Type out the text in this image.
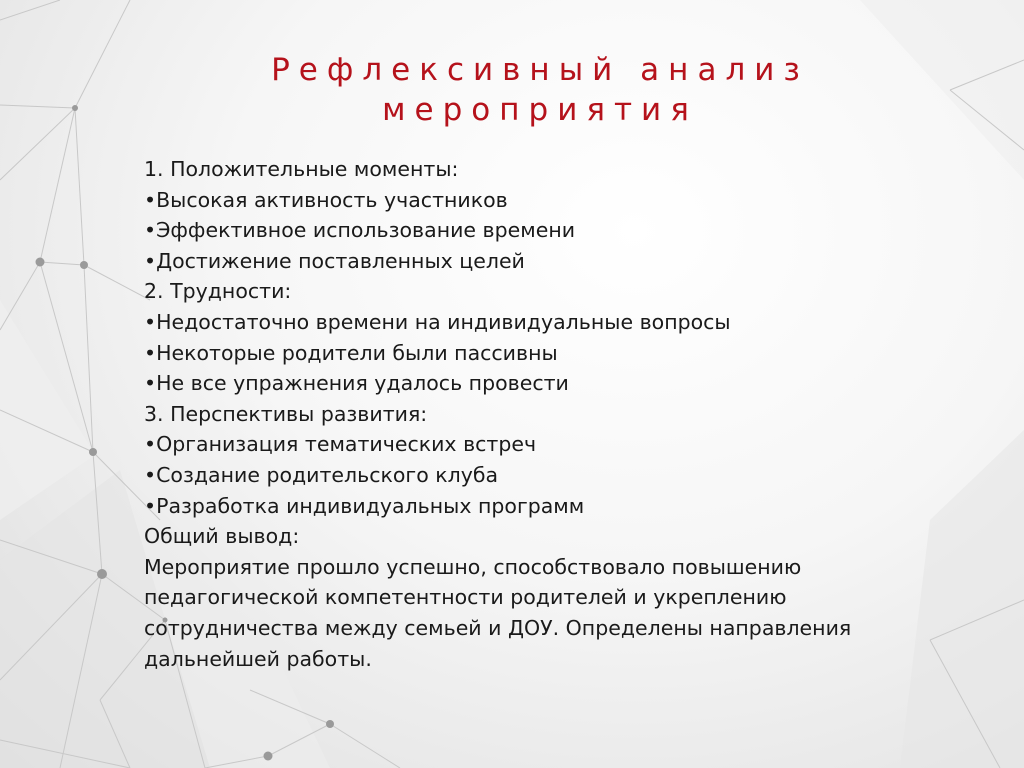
Рефлексивный анализ
мероприятия
1. Положительные моменты:
• Высокая активность участников
• Эффективное использование времени
• Достижение поставленных целей
2. Трудности:
• Недостаточно времени на индивидуальные вопросы
• Некоторые родители были пассивны
• Не все упражнения удалось провести
3. Перспективы развития:
• Организация тематических встреч
• Создание родительского клуба
• Разработка индивидуальных программ
Общий вывод:
Мероприятие прошло успешно, способствовало повышению педагогической компетентности родителей и укреплению сотрудничества между семьей и ДОУ. Определены направления дальнейшей работы.
